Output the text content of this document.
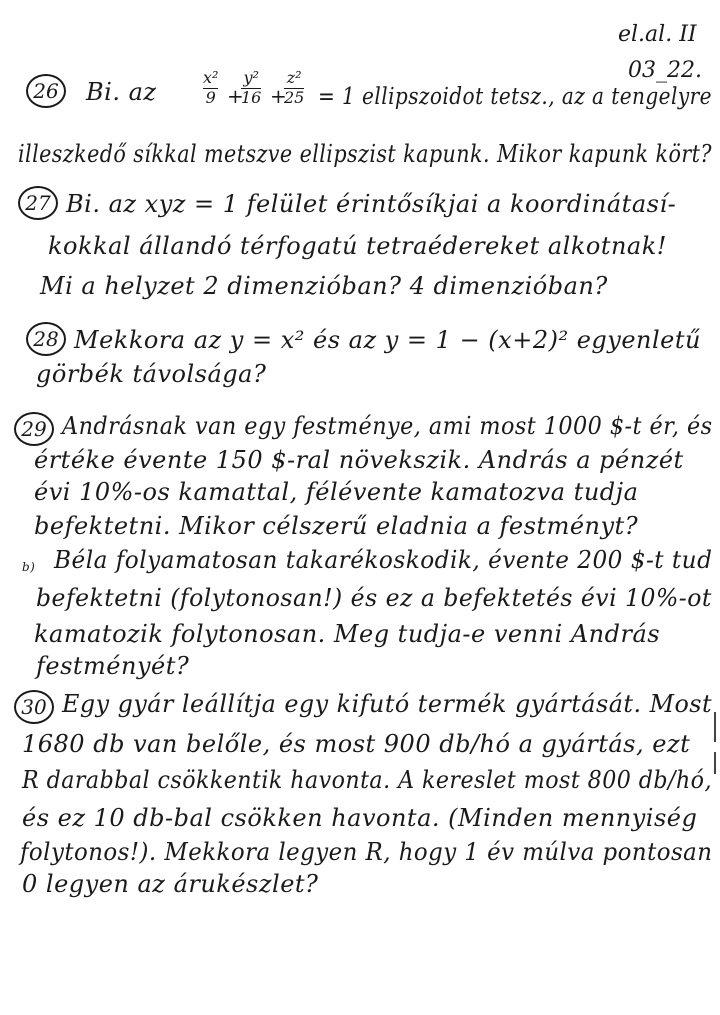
el.al. II
03_22.
26	Bi. az
x²
9 +
y²
16 +
z²
25 = 1 ellipszoidot tetsz., az a tengelyre
illeszkedő síkkal metszve ellipszist kapunk. Mikor kapunk kört?
27 Bi. az xyz = 1 felület érintősíkjai a koordinátasí-
kokkal állandó térfogatú tetraédereket alkotnak!
Mi a helyzet 2 dimenzióban? 4 dimenzióban?
28 Mekkora az y = x² és az y = 1 − (x+2)² egyenletű
görbék távolsága?
29 Andrásnak van egy festménye, ami most 1000 $-t ér, és
értéke évente 150 $-ral növekszik. András a pénzét
évi 10%-os kamattal, félévente kamatozva tudja
befektetni. Mikor célszerű eladnia a festményt?
b) Béla folyamatosan takarékoskodik, évente 200 $-t tud
befektetni (folytonosan!) és ez a befektetés évi 10%-ot
kamatozik folytonosan. Meg tudja-e venni András
festményét?
30 Egy gyár leállítja egy kifutó termék gyártását. Most
1680 db van belőle, és most 900 db/hó a gyártás, ezt
R darabbal csökkentik havonta. A kereslet most 800 db/hó,
és ez 10 db-bal csökken havonta. (Minden mennyiség
folytonos!). Mekkora legyen R, hogy 1 év múlva pontosan
0 legyen az árukészlet?
